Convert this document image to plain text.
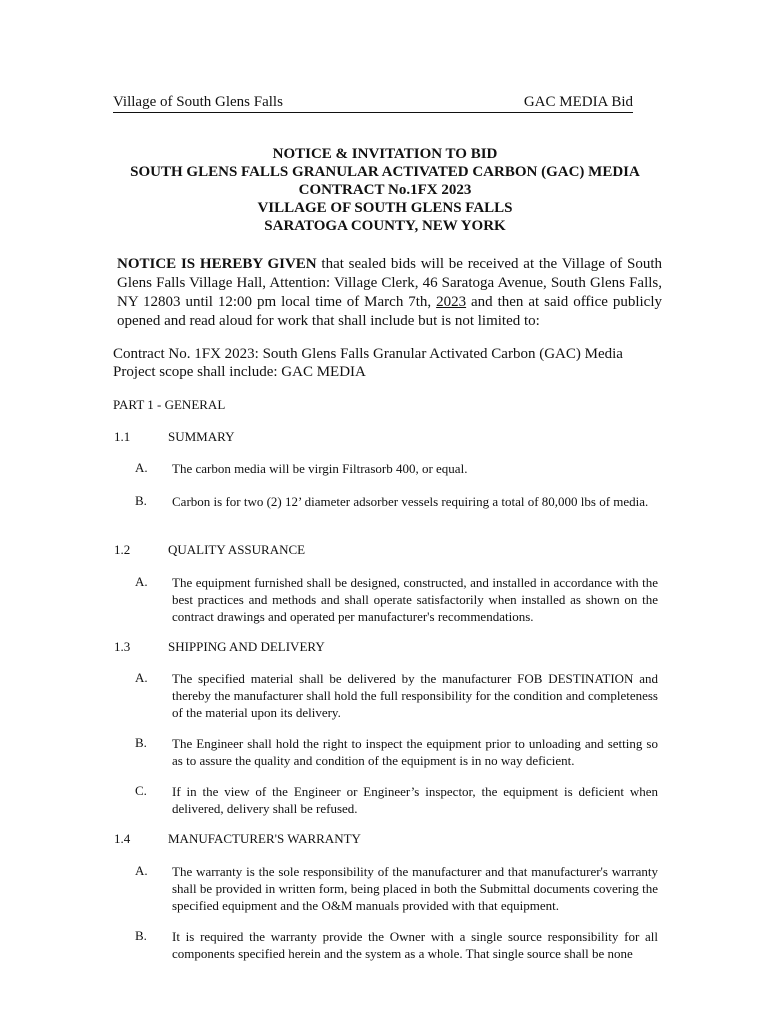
Village of South Glens Falls	GAC MEDIA Bid
NOTICE & INVITATION TO BID
SOUTH GLENS FALLS GRANULAR ACTIVATED CARBON (GAC) MEDIA
CONTRACT No.1FX 2023
VILLAGE OF SOUTH GLENS FALLS
SARATOGA COUNTY, NEW YORK
NOTICE IS HEREBY GIVEN that sealed bids will be received at the Village of South Glens Falls Village Hall, Attention: Village Clerk, 46 Saratoga Avenue, South Glens Falls, NY 12803 until 12:00 pm local time of March 7th, 2023 and then at said office publicly opened and read aloud for work that shall include but is not limited to:
Contract No. 1FX 2023: South Glens Falls Granular Activated Carbon (GAC) Media
Project scope shall include: GAC MEDIA
PART 1 - GENERAL
1.1	SUMMARY
A. The carbon media will be virgin Filtrasorb 400, or equal.
B. Carbon is for two (2) 12’ diameter adsorber vessels requiring a total of 80,000 lbs of media.
1.2	QUALITY ASSURANCE
A. The equipment furnished shall be designed, constructed, and installed in accordance with the best practices and methods and shall operate satisfactorily when installed as shown on the contract drawings and operated per manufacturer's recommendations.
1.3	SHIPPING AND DELIVERY
A. The specified material shall be delivered by the manufacturer FOB DESTINATION and thereby the manufacturer shall hold the full responsibility for the condition and completeness of the material upon its delivery.
B. The Engineer shall hold the right to inspect the equipment prior to unloading and setting so as to assure the quality and condition of the equipment is in no way deficient.
C. If in the view of the Engineer or Engineer’s inspector, the equipment is deficient when delivered, delivery shall be refused.
1.4	MANUFACTURER'S WARRANTY
A. The warranty is the sole responsibility of the manufacturer and that manufacturer's warranty shall be provided in written form, being placed in both the Submittal documents covering the specified equipment and the O&M manuals provided with that equipment.
B. It is required the warranty provide the Owner with a single source responsibility for all components specified herein and the system as a whole. That single source shall be none
